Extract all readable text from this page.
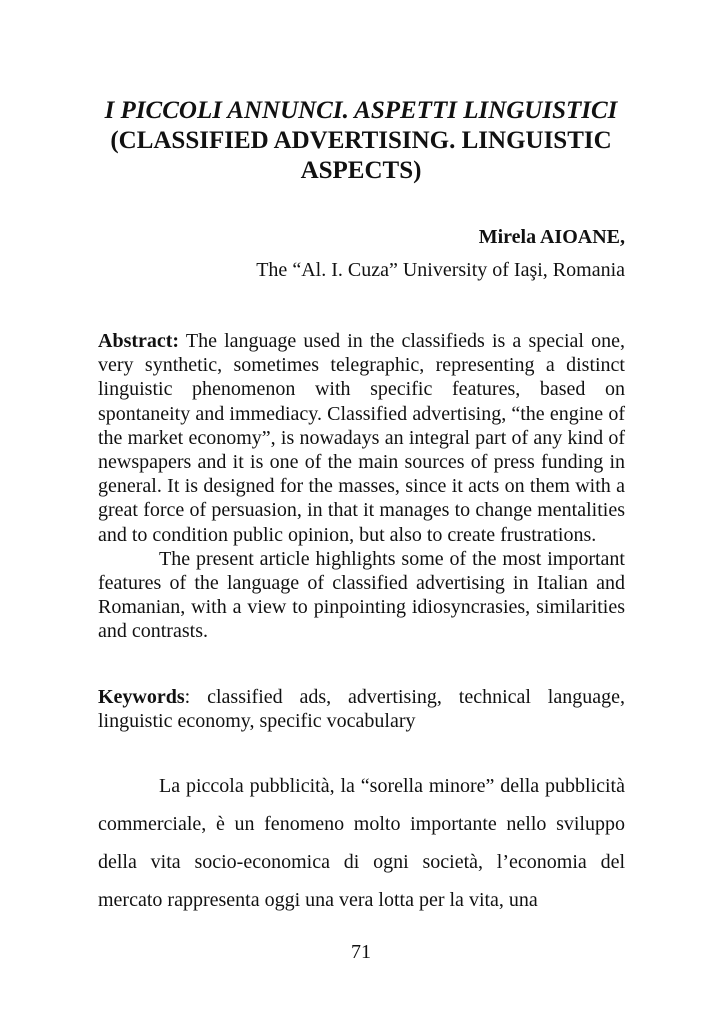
I PICCOLI ANNUNCI. ASPETTI LINGUISTICI
(CLASSIFIED ADVERTISING. LINGUISTIC ASPECTS)
Mirela AIOANE,
The “Al. I. Cuza” University of Iaşi, Romania

Abstract: The language used in the classifieds is a special one, very synthetic, sometimes telegraphic, representing a distinct linguistic phenomenon with specific features, based on spontaneity and immediacy. Classified advertising, “the engine of the market economy”, is nowadays an integral part of any kind of newspapers and it is one of the main sources of press funding in general. It is designed for the masses, since it acts on them with a great force of persuasion, in that it manages to change mentalities and to condition public opinion, but also to create frustrations.

The present article highlights some of the most important features of the language of classified advertising in Italian and Romanian, with a view to pinpointing idiosyncrasies, similarities and contrasts.

Keywords: classified ads, advertising, technical language, linguistic economy, specific vocabulary

La piccola pubblicità, la “sorella minore” della pubblicità commerciale, è un fenomeno molto importante nello sviluppo della vita socio-economica di ogni società, l’economia del mercato rappresenta oggi una vera lotta per la vita, una

71
